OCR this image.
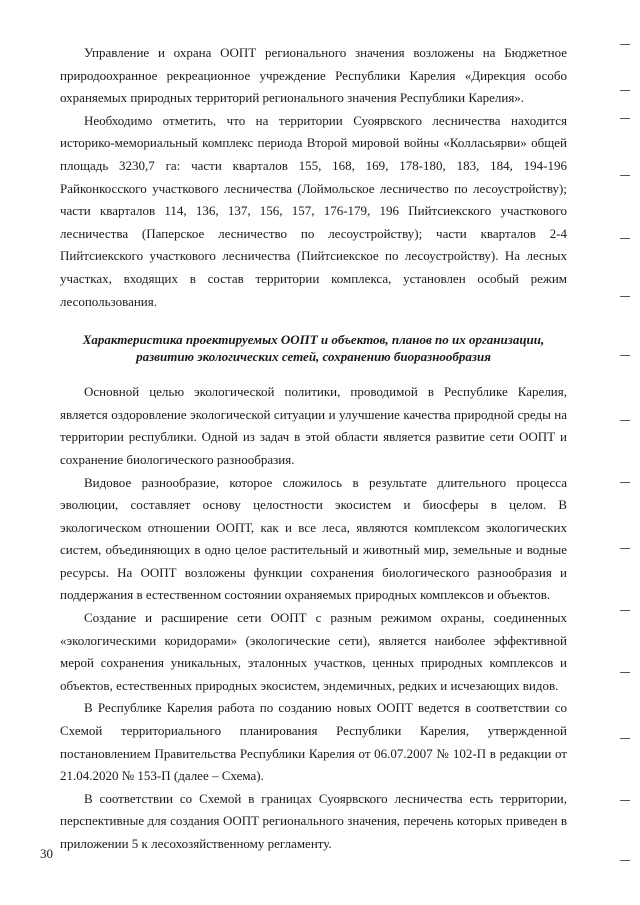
Управление и охрана ООПТ регионального значения возложены на Бюджетное природоохранное рекреационное учреждение Республики Карелия «Дирекция особо охраняемых природных территорий регионального значения Республики Карелия».

Необходимо отметить, что на территории Суоярвского лесничества находится историко-мемориальный комплекс периода Второй мировой войны «Колласьярви» общей площадь 3230,7 га: части кварталов 155, 168, 169, 178-180, 183, 184, 194-196 Райконкосского участкового лесничества (Лоймольское лесничество по лесоустройству); части кварталов 114, 136, 137, 156, 157, 176-179, 196 Пийтсиекского участкового лесничества (Паперское лесничество по лесоустройству); части кварталов 2-4 Пийтсиекского участкового лесничества (Пийтсиекское по лесоустройству). На лесных участках, входящих в состав территории комплекса, установлен особый режим лесопользования.

Характеристика проектируемых ООПТ и объектов, планов по их организации, развитию экологических сетей, сохранению биоразнообразия

Основной целью экологической политики, проводимой в Республике Карелия, является оздоровление экологической ситуации и улучшение качества природной среды на территории республики. Одной из задач в этой области является развитие сети ООПТ и сохранение биологического разнообразия.

Видовое разнообразие, которое сложилось в результате длительного процесса эволюции, составляет основу целостности экосистем и биосферы в целом. В экологическом отношении ООПТ, как и все леса, являются комплексом экологических систем, объединяющих в одно целое растительный и животный мир, земельные и водные ресурсы. На ООПТ возложены функции сохранения биологического разнообразия и поддержания в естественном состоянии охраняемых природных комплексов и объектов.

Создание и расширение сети ООПТ с разным режимом охраны, соединенных «экологическими коридорами» (экологические сети), является наиболее эффективной мерой сохранения уникальных, эталонных участков, ценных природных комплексов и объектов, естественных природных экосистем, эндемичных, редких и исчезающих видов.

В Республике Карелия работа по созданию новых ООПТ ведется в соответствии со Схемой территориального планирования Республики Карелия, утвержденной постановлением Правительства Республики Карелия от 06.07.2007 № 102-П в редакции от 21.04.2020 № 153-П (далее – Схема).

В соответствии со Схемой в границах Суоярвского лесничества есть территории, перспективные для создания ООПТ регионального значения, перечень которых приведен в приложении 5 к лесохозяйственному регламенту.

30
